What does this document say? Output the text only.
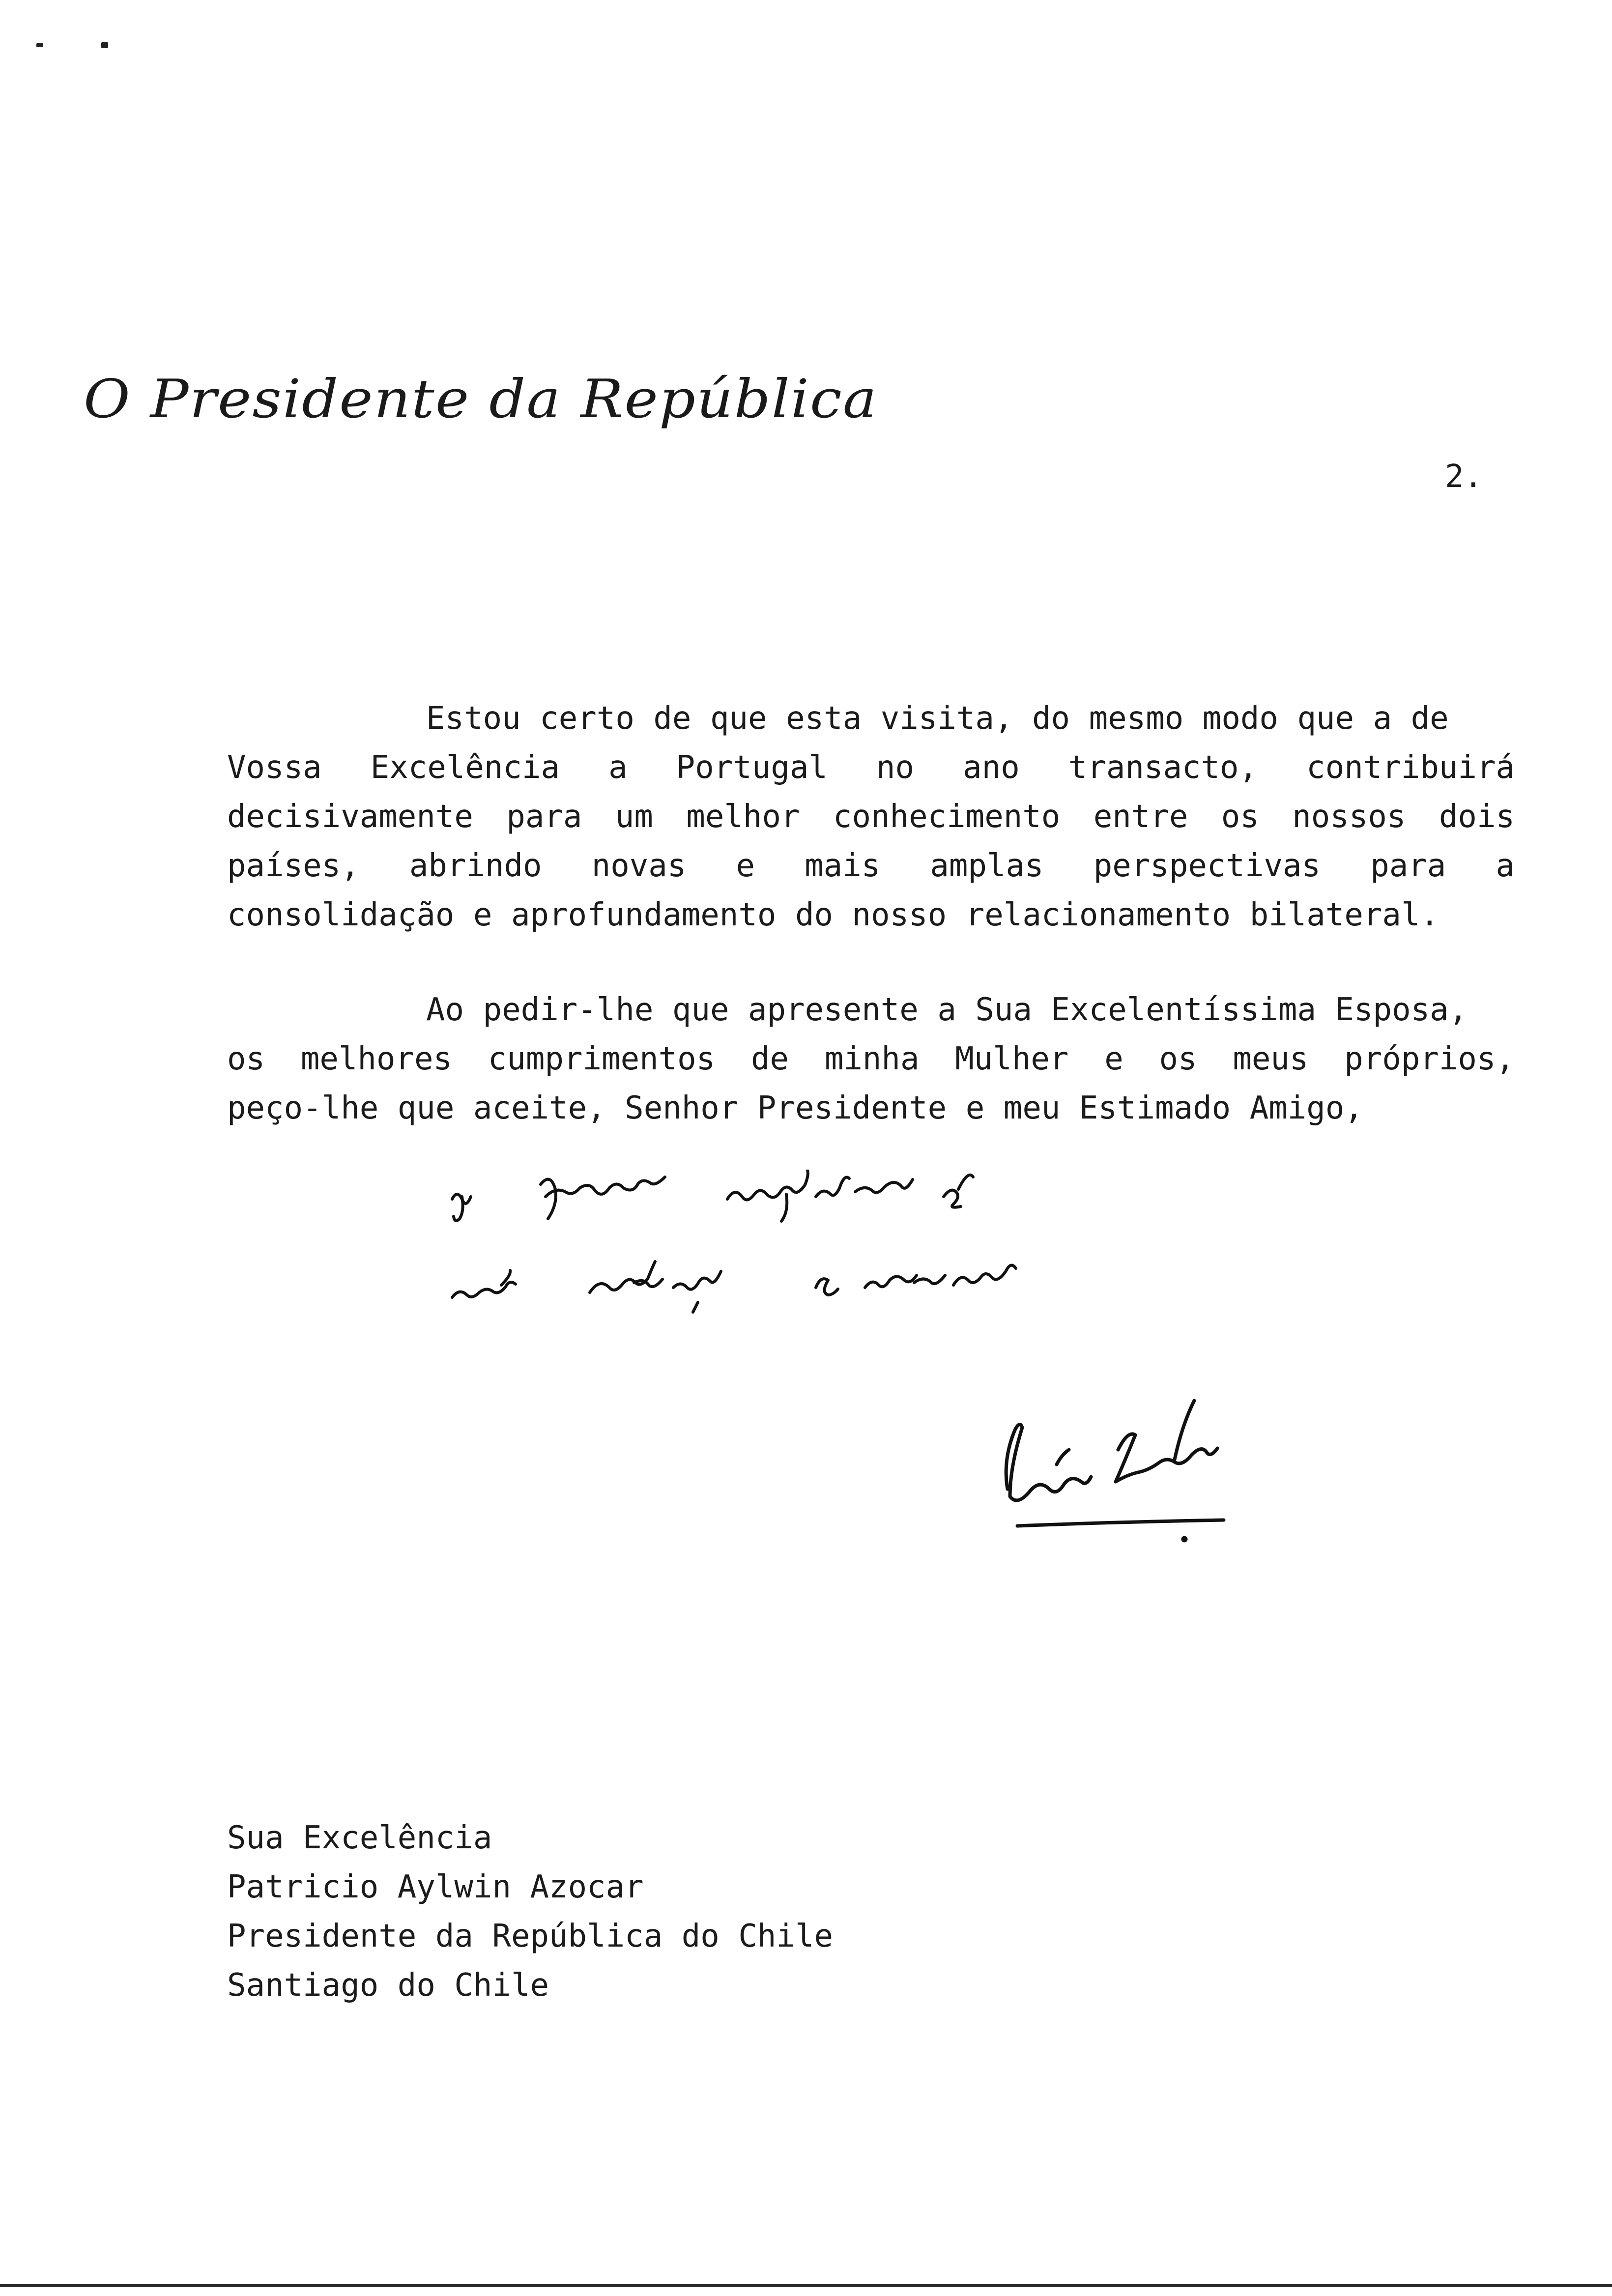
O Presidente da República
2.
Estou certo de que esta visita, do mesmo modo que a de
Vossa Excelência a Portugal no ano transacto, contribuirá
decisivamente para um melhor conhecimento entre os nossos dois
países, abrindo novas e mais amplas perspectivas para a
consolidação e aprofundamento do nosso relacionamento bilateral.
Ao pedir-lhe que apresente a Sua Excelentíssima Esposa,
os melhores cumprimentos de minha Mulher e os meus próprios,
peço-lhe que aceite, Senhor Presidente e meu Estimado Amigo,
Sua Excelência
Patricio Aylwin Azocar
Presidente da República do Chile
Santiago do Chile
